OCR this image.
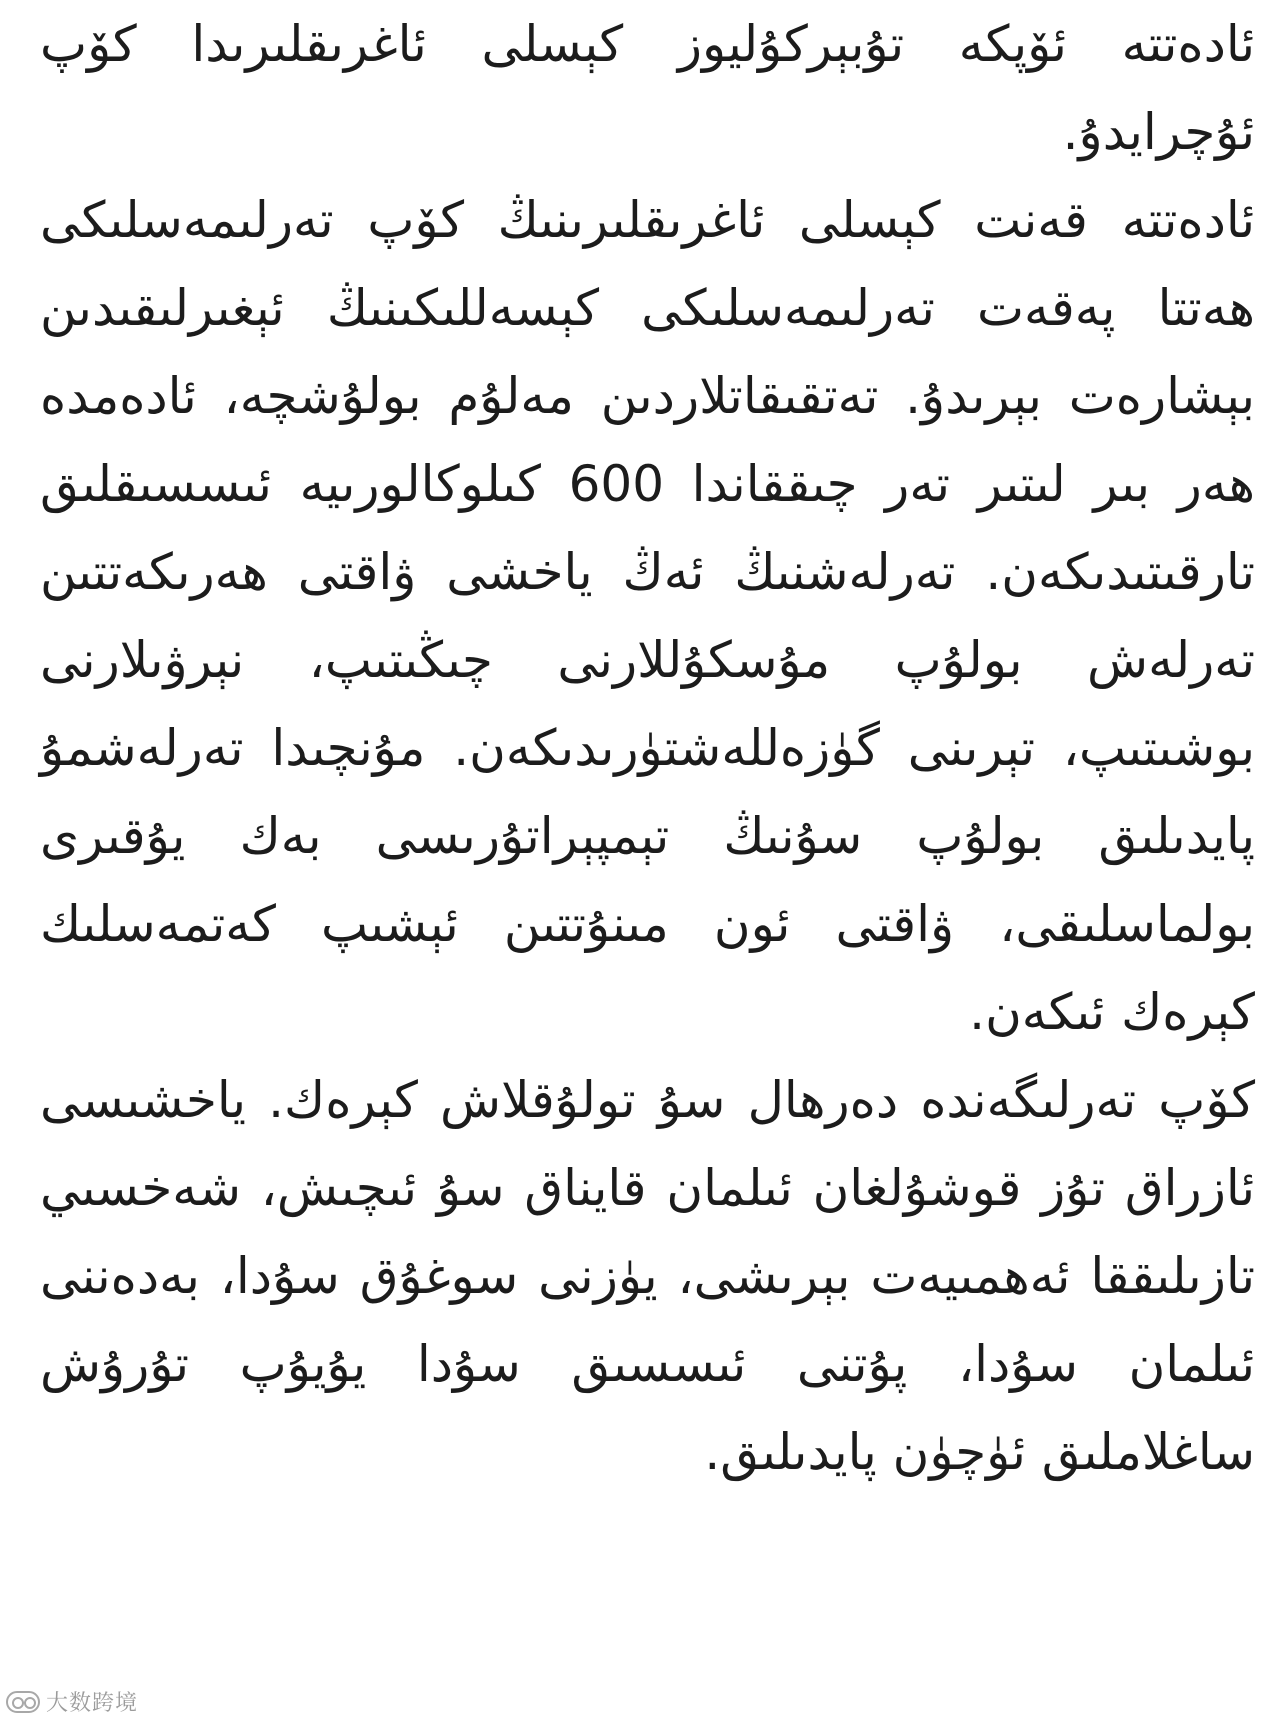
ئادەتتە ئۆپكە تۇبېركۇليوز كېسلى ئاغرىقلىرىدا كۆپ
ئۇچرايدۇ.
ئادەتتە قەنت كېسلى ئاغرىقلىرىنىڭ كۆپ تەرلىمەسلىكى
ھەتتا پەقەت تەرلىمەسلىكى كېسەللىكىنىڭ ئېغىرلىقىدىن
بېشارەت بېرىدۇ. تەتقىقاتلاردىن مەلۇم بولۇشچە، ئادەمدە
ھەر بىر لىتىر تەر چىققاندا 600 كىلوكالورىيە ئىسسىقلىق
تارقىتىدىكەن. تەرلەشنىڭ ئەڭ ياخشى ۋاقتى ھەرىكەتتىن
تەرلەش بولۇپ مۇسكۇللارنى چىڭىتىپ، نېرۋىلارنى
بوشىتىپ، تېرىنى گۈزەللەشتۈرىدىكەن. مۇنچىدا تەرلەشمۇ
پايدىلىق بولۇپ سۇنىڭ تېمپېراتۇرىسى بەك يۇقىرى
بولماسلىقى، ۋاقتى ئون مىنۇتتىن ئېشىپ كەتمەسلىك
كېرەك ئىكەن.
كۆپ تەرلىگەندە دەرھال سۇ تولۇقلاش كېرەك. ياخشىسى
ئازراق تۇز قوشۇلغان ئىلمان قايناق سۇ ئىچىش، شەخسىي
تازىلىققا ئەھمىيەت بېرىشى، يۈزنى سوغۇق سۇدا، بەدەننى
ئىلمان سۇدا، پۇتنى ئىسسىق سۇدا يۇيۇپ تۇرۇش
ساغلاملىق ئۈچۈن پايدىلىق.
大数跨境
